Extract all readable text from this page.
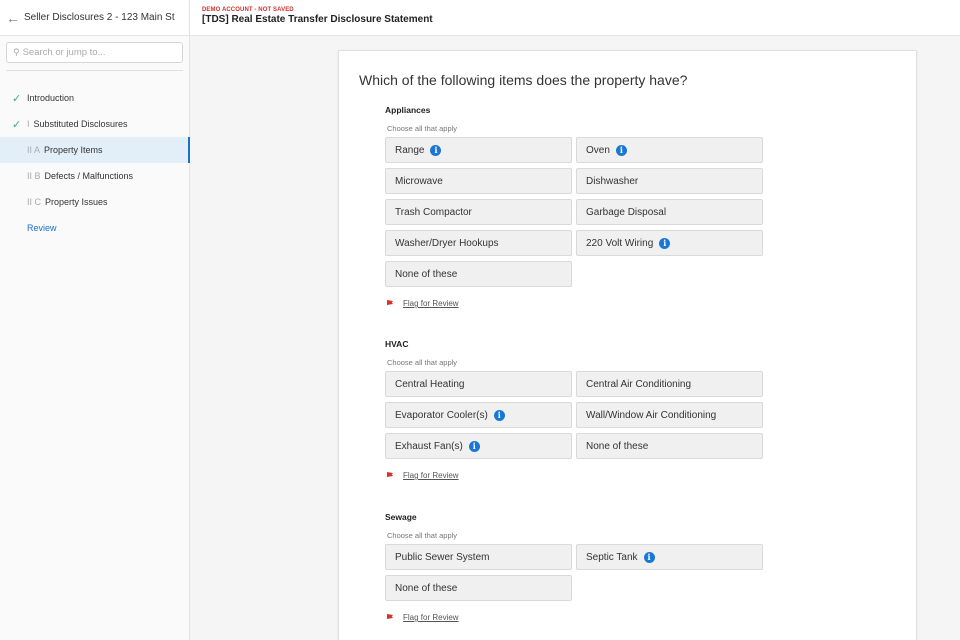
← Seller Disclosures 2 - 123 Main St
⚲
Search or jump to...
✓ Introduction
✓ I Substituted Disclosures
II A Property Items
II B Defects / Malfunctions
II C Property Issues
Review
DEMO ACCOUNT - NOT SAVED
[TDS] Real Estate Transfer Disclosure Statement
Which of the following items does the property have?
Appliances
Choose all that apply
Range	i	Oven	i
Microwave	Dishwasher
Trash Compactor	Garbage Disposal
Washer/Dryer Hookups	220 Volt Wiring	i
None of these
Flag for Review
HVAC
Choose all that apply
Central Heating	Central Air Conditioning
Evaporator Cooler(s)	i	Wall/Window Air Conditioning
Exhaust Fan(s)	i	None of these
Flag for Review
Sewage
Choose all that apply
Public Sewer System	Septic Tank	i
None of these
Flag for Review
